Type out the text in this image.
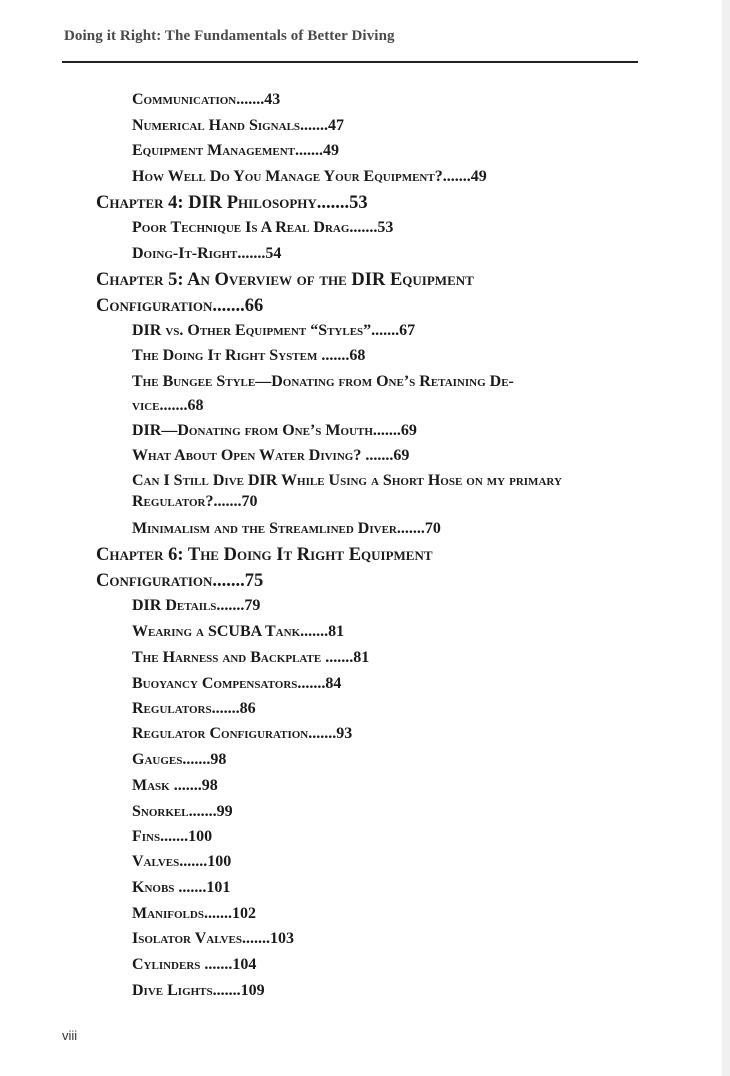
Doing it Right: The Fundamentals of Better Diving
Communication.......43
Numerical Hand Signals.......47
Equipment Management.......49
How Well Do You Manage Your Equipment?.......49
Chapter 4: DIR Philosophy.......53
Poor Technique Is A Real Drag.......53
Doing-It-Right.......54
Chapter 5: An Overview of the DIR Equipment
Configuration.......66
DIR vs. Other Equipment “Styles”.......67
The Doing It Right System .......68
The Bungee Style—Donating from One’s Retaining De-
vice.......68
DIR—Donating from One’s Mouth.......69
What About Open Water Diving? .......69
Can I Still Dive DIR While Using a Short Hose on my primary
Regulator?.......70
Minimalism and the Streamlined Diver.......70
Chapter 6: The Doing It Right Equipment
Configuration.......75
DIR Details.......79
Wearing a SCUBA Tank.......81
The Harness and Backplate .......81
Buoyancy Compensators.......84
Regulators.......86
Regulator Configuration.......93
Gauges.......98
Mask .......98
Snorkel.......99
Fins.......100
Valves.......100
Knobs .......101
Manifolds.......102
Isolator Valves.......103
Cylinders .......104
Dive Lights.......109
viii
